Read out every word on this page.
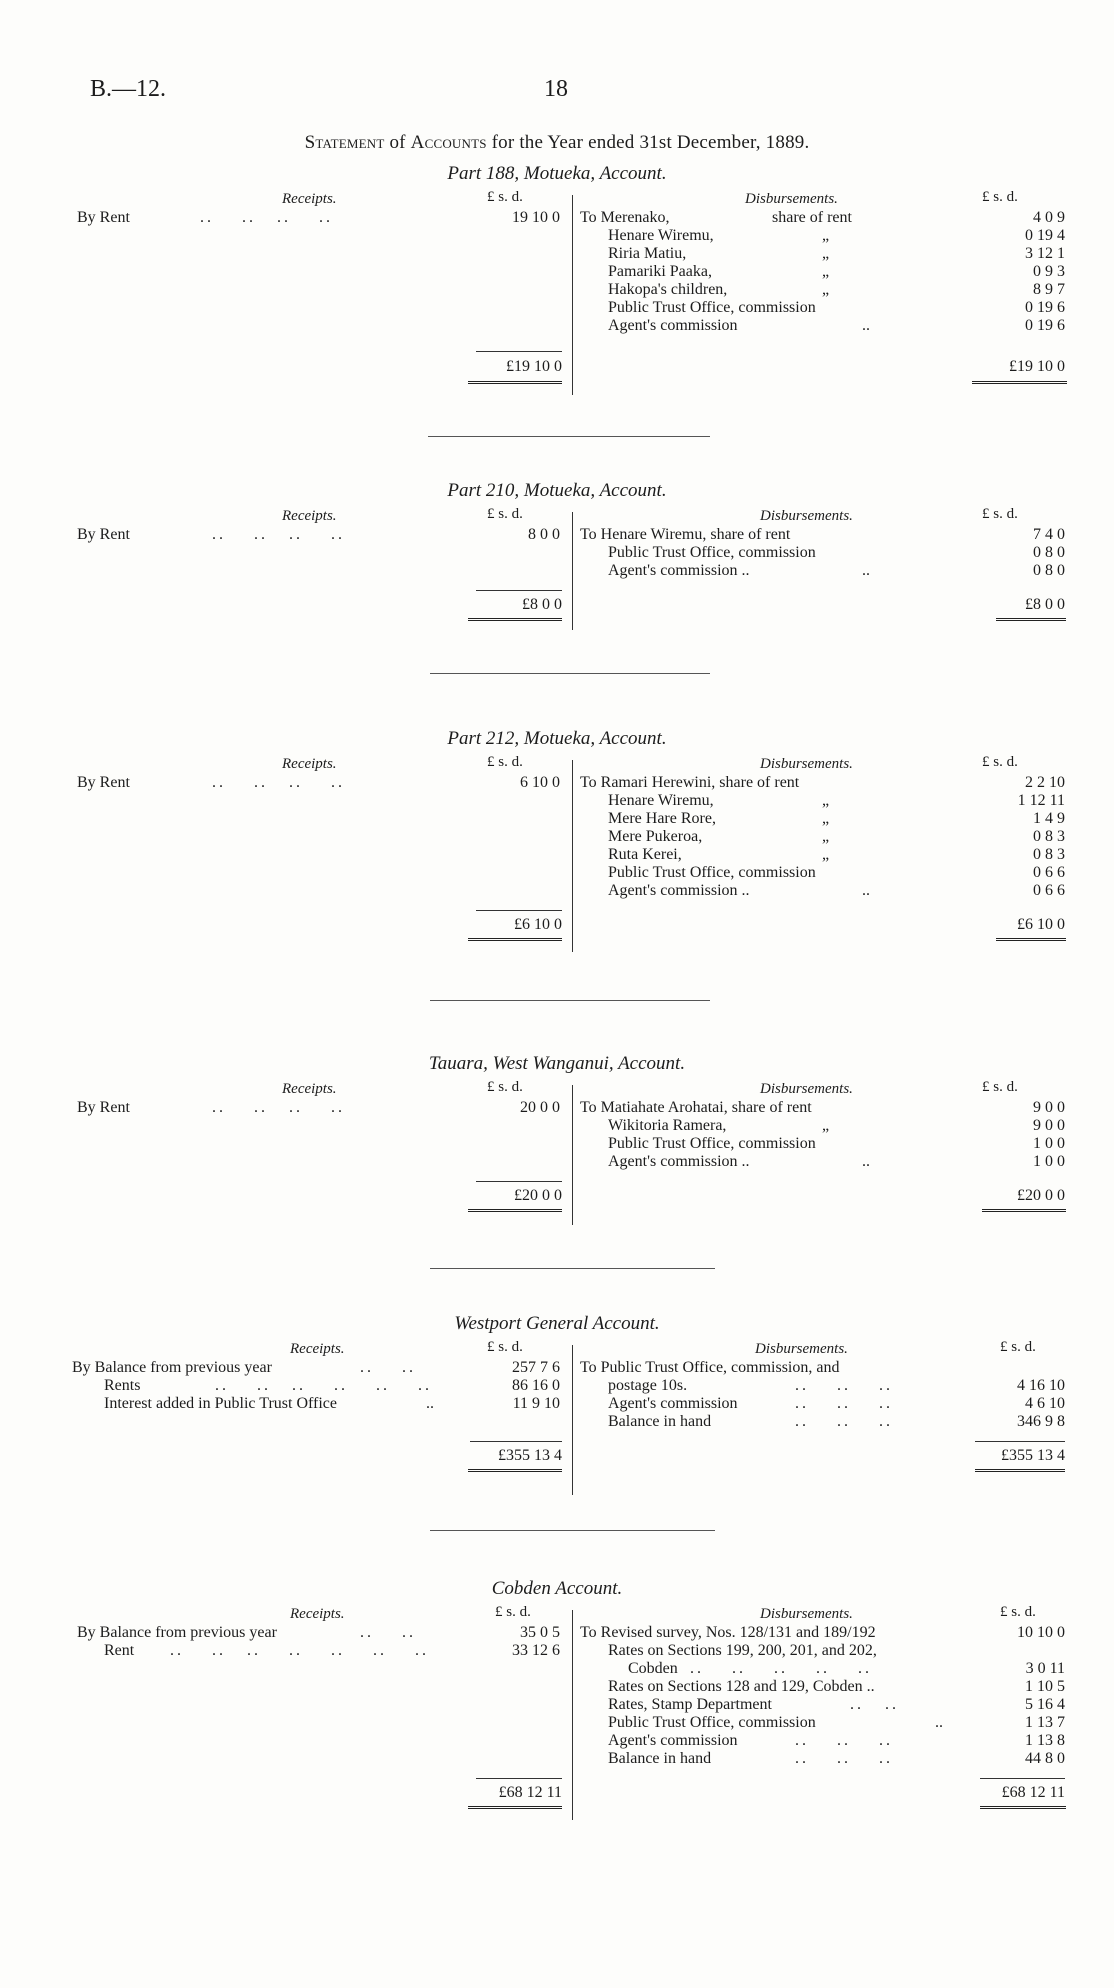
B.—12.	18
Statement of Accounts for the Year ended 31st December, 1889.
Part 188, Motueka, Account.
Receipts.	£ s. d.	Disbursements.	£ s. d.
By Rent	..    ..   ..    ..	19 10 0 To Merenako,	share of rent	4 0 9
Henare Wiremu,	„	0 19 4
Riria Matiu,	„	3 12 1
Pamariki Paaka,	„	0 9 3
Hakopa's children,	„	8 9 7
Public Trust Office, commission	0 19 6
Agent's commission	..	0 19 6
£19 10 0	£19 10 0
Part 210, Motueka, Account.
Receipts.	£ s. d.	Disbursements.	£ s. d.
By Rent	..    ..   ..    ..	8 0 0 To Henare Wiremu, share of rent	7 4 0
Public Trust Office, commission	0 8 0
Agent's commission ..	..	0 8 0
£8 0 0	£8 0 0
Part 212, Motueka, Account.
Receipts.	£ s. d.	Disbursements.	£ s. d.
By Rent	..    ..   ..    ..	6 10 0 To Ramari Herewini, share of rent	2 2 10
Henare Wiremu,	„	1 12 11
Mere Hare Rore,	„	1 4 9
Mere Pukeroa,	„	0 8 3
Ruta Kerei,	„	0 8 3
Public Trust Office, commission	0 6 6
Agent's commission ..	..	0 6 6
£6 10 0	£6 10 0
Tauara, West Wanganui, Account.
Receipts.	£ s. d.	Disbursements.	£ s. d.
By Rent	..    ..   ..    ..	20 0 0 To Matiahate Arohatai, share of rent	9 0 0
Wikitoria Ramera,	„	9 0 0
Public Trust Office, commission	1 0 0
Agent's commission ..	..	1 0 0
£20 0 0	£20 0 0
Westport General Account.
Receipts.	£ s. d.	Disbursements.	£ s. d.
By Balance from previous year	..    ..	257 7 6
Rents	..    ..   ..    ..    ..    ..	86 16 0
Interest added in Public Trust Office	..	11 9 10
To Public Trust Office, commission, and
postage 10s.	..    ..    ..	4 16 10
Agent's commission	..    ..    ..	4 6 10
Balance in hand	..    ..    ..	346 9 8
£355 13 4	£355 13 4
Cobden Account.
Receipts.	£ s. d.	Disbursements.	£ s. d.
By Balance from previous year	..    ..	35 0 5
Rent ..    ..   ..    ..    ..    ..    ..	33 12 6
To Revised survey, Nos. 128/131 and 189/192	10 10 0
Rates on Sections 199, 200, 201, and 202,
Cobden ..    ..    ..    ..    ..	3 0 11
Rates on Sections 128 and 129, Cobden ..	1 10 5
Rates, Stamp Department	..   ..	5 16 4
Public Trust Office, commission	..	1 13 7
Agent's commission	..    ..    ..	1 13 8
Balance in hand	..    ..    ..	44 8 0
£68 12 11	£68 12 11
